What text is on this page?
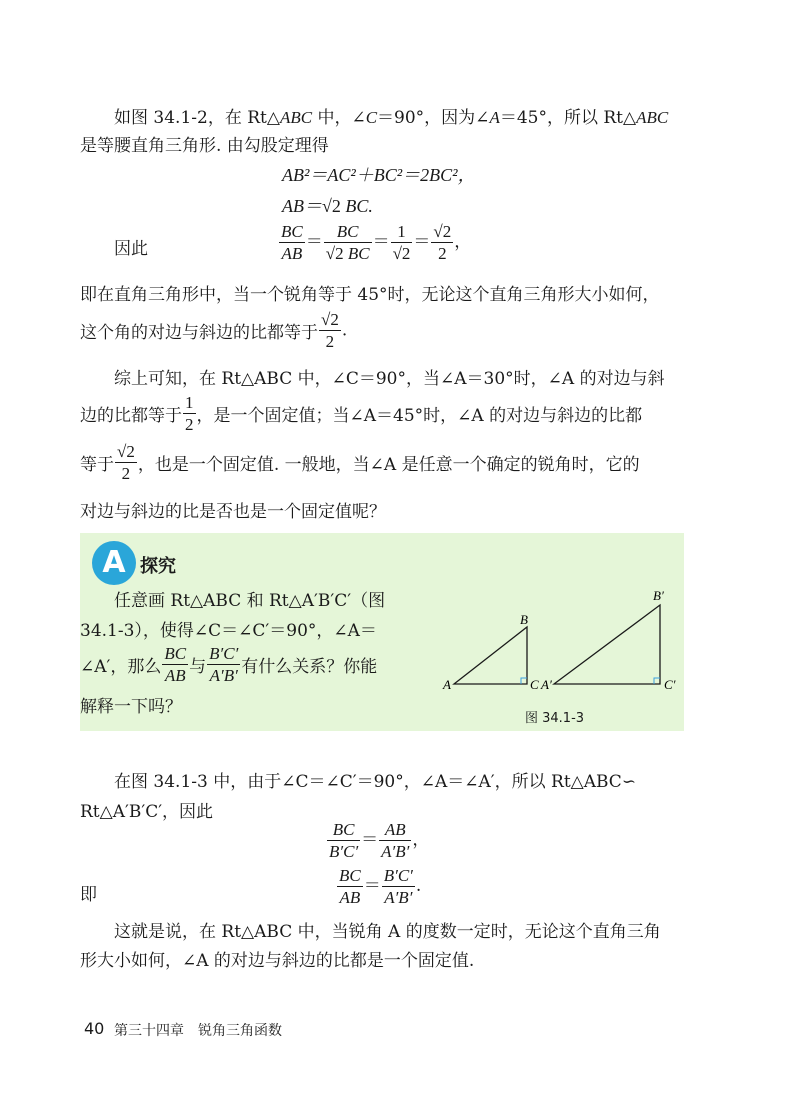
如图 34.1-2，在 Rt△ABC 中，∠C＝90°，因为∠A＝45°，所以 Rt△ABC
是等腰直角三角形. 由勾股定理得
AB²＝AC²＋BC²＝2BC²，
AB＝√2 BC.
因此	$\frac{BC}{AB} = \frac{BC}{√2 BC} = \frac{1}{√2} = \frac{√2}{2}$ ，
即在直角三角形中，当一个锐角等于 45°时，无论这个直角三角形大小如何，
这个角的对边与斜边的比都等于 $\frac{√2}{2}$ .
综上可知，在 Rt△ABC 中，∠C＝90°，当∠A＝30°时，∠A 的对边与斜
边的比都等于 $\frac{1}{2}$ ，是一个固定值；当∠A＝45°时，∠A 的对边与斜边的比都
等于 $\frac{√2}{2}$ ，也是一个固定值. 一般地，当∠A 是任意一个确定的锐角时，它的
对边与斜边的比是否也是一个固定值呢？
A 探究
任意画 Rt△ABC 和 Rt△A′B′C′（图
34.1-3），使得∠C＝∠C′＝90°，∠A＝
∠A′，那么 $\frac{BC}{AB}$ 与 $\frac{B'C'}{A'B'}$ 有什么关系？你能
解释一下吗？
A
B
C A′
B′
C′
图 34.1-3
在图 34.1-3 中，由于∠C＝∠C′＝90°，∠A＝∠A′，所以 Rt△ABC∽
Rt△A′B′C′，因此
$\frac{BC}{B'C'} = \frac{AB}{A'B'}$ ，
即	$\frac{BC}{AB} = \frac{B'C'}{A'B'}$ .
这就是说，在 Rt△ABC 中，当锐角 A 的度数一定时，无论这个直角三角
形大小如何，∠A 的对边与斜边的比都是一个固定值.
40 第三十四章　锐角三角函数
